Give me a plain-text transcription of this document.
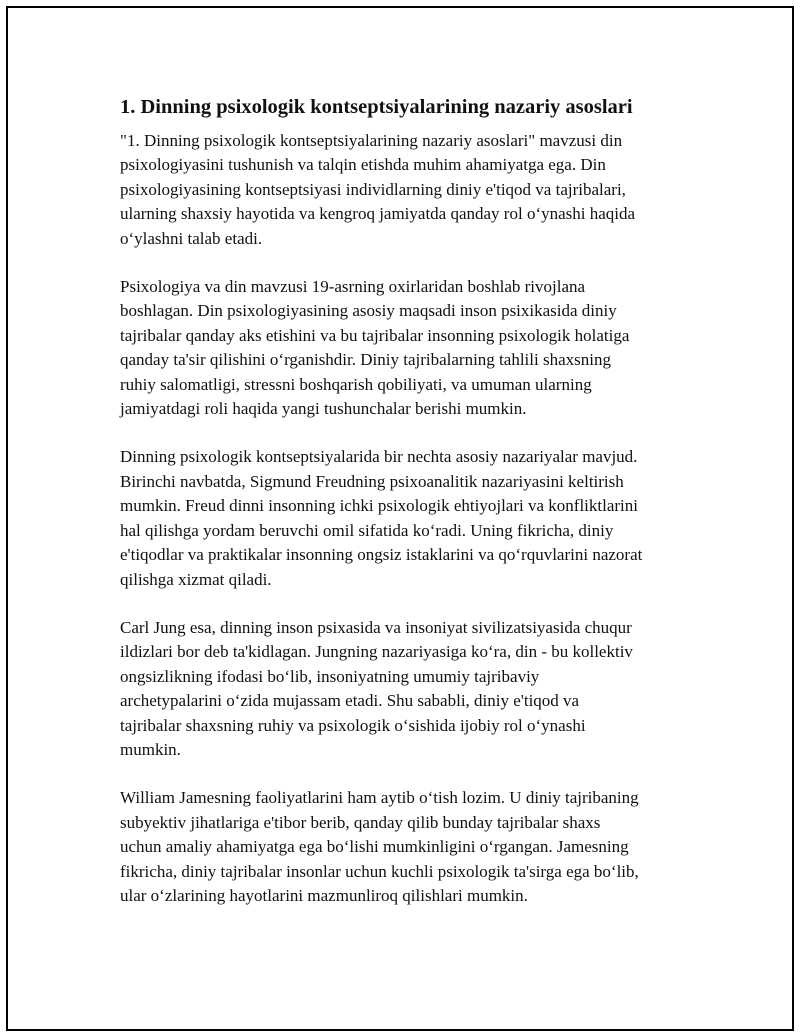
1. Dinning psixologik kontseptsiyalarining nazariy asoslari

"1. Dinning psixologik kontseptsiyalarining nazariy asoslari" mavzusi din
psixologiyasini tushunish va talqin etishda muhim ahamiyatga ega. Din
psixologiyasining kontseptsiyasi individlarning diniy e'tiqod va tajribalari,
ularning shaxsiy hayotida va kengroq jamiyatda qanday rol o‘ynashi haqida
o‘ylashni talab etadi.

Psixologiya va din mavzusi 19-asrning oxirlaridan boshlab rivojlana
boshlagan. Din psixologiyasining asosiy maqsadi inson psixikasida diniy
tajribalar qanday aks etishini va bu tajribalar insonning psixologik holatiga
qanday ta'sir qilishini o‘rganishdir. Diniy tajribalarning tahlili shaxsning
ruhiy salomatligi, stressni boshqarish qobiliyati, va umuman ularning
jamiyatdagi roli haqida yangi tushunchalar berishi mumkin.

Dinning psixologik kontseptsiyalarida bir nechta asosiy nazariyalar mavjud.
Birinchi navbatda, Sigmund Freudning psixoanalitik nazariyasini keltirish
mumkin. Freud dinni insonning ichki psixologik ehtiyojlari va konfliktlarini
hal qilishga yordam beruvchi omil sifatida ko‘radi. Uning fikricha, diniy
e'tiqodlar va praktikalar insonning ongsiz istaklarini va qo‘rquvlarini nazorat
qilishga xizmat qiladi.

Carl Jung esa, dinning inson psixasida va insoniyat sivilizatsiyasida chuqur
ildizlari bor deb ta'kidlagan. Jungning nazariyasiga ko‘ra, din - bu kollektiv
ongsizlikning ifodasi bo‘lib, insoniyatning umumiy tajribaviy
archetypalarini o‘zida mujassam etadi. Shu sababli, diniy e'tiqod va
tajribalar shaxsning ruhiy va psixologik o‘sishida ijobiy rol o‘ynashi
mumkin.

William Jamesning faoliyatlarini ham aytib o‘tish lozim. U diniy tajribaning
subyektiv jihatlariga e'tibor berib, qanday qilib bunday tajribalar shaxs
uchun amaliy ahamiyatga ega bo‘lishi mumkinligini o‘rgangan. Jamesning
fikricha, diniy tajribalar insonlar uchun kuchli psixologik ta'sirga ega bo‘lib,
ular o‘zlarining hayotlarini mazmunliroq qilishlari mumkin.
